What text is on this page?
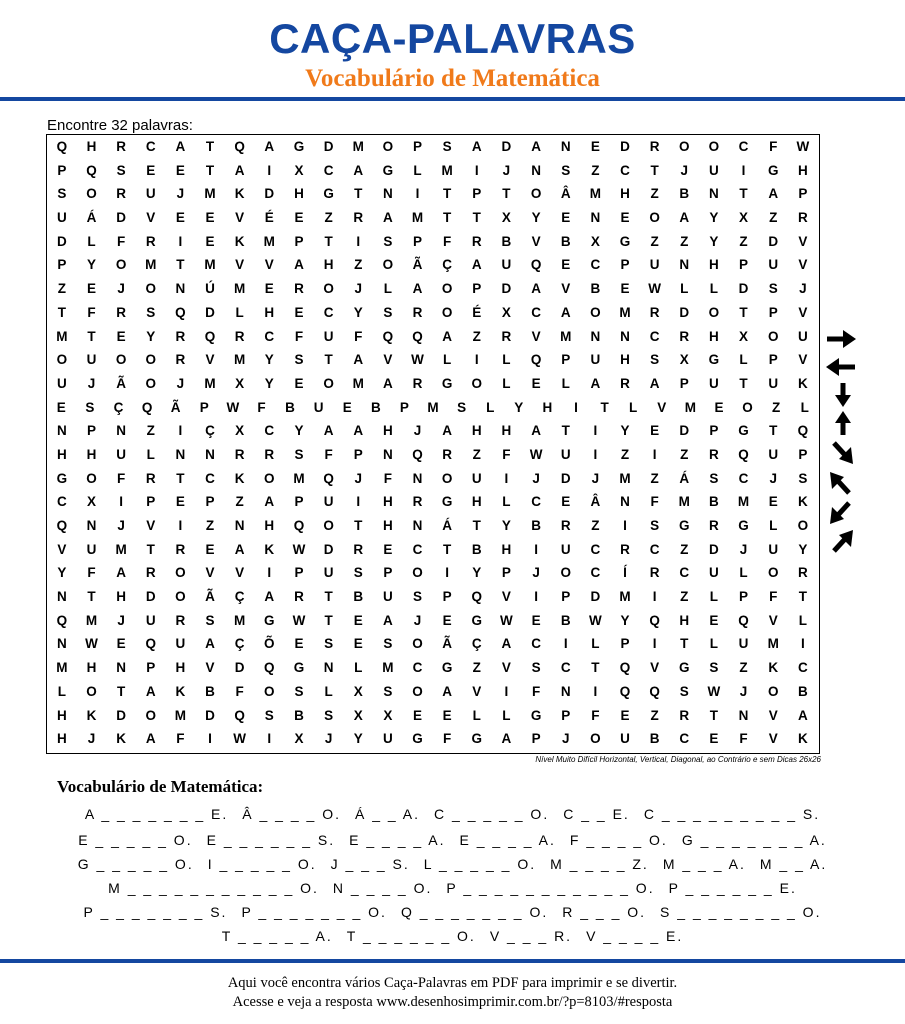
CAÇA-PALAVRAS
Vocabulário de Matemática
Encontre 32 palavras:
Q	H	R	C	A	T	Q	A	G	D	M	O	P	S	A	D	A	N	E	D	R	O	O	C	F	W
P	Q	S	E	E	T	A	I	X	C	A	G	L	M	I	J	N	S	Z	C	T	J	U	I	G	H
S	O	R	U	J	M	K	D	H	G	T	N	I	T	P	T	O	Â	M	H	Z	B	N	T	A	P
U	Á	D	V	E	E	V	É	E	Z	R	A	M	T	T	X	Y	E	N	E	O	A	Y	X	Z	R
D	L	F	R	I	E	K	M	P	T	I	S	P	F	R	B	V	B	X	G	Z	Z	Y	Z	D	V
P	Y	O	M	T	M	V	V	A	H	Z	O	Ã	Ç	A	U	Q	E	C	P	U	N	H	P	U	V
Z	E	J	O	N	Ú	M	E	R	O	J	L	A	O	P	D	A	V	B	E	W	L	L	D	S	J
T	F	R	S	Q	D	L	H	E	C	Y	S	R	O	É	X	C	A	O	M	R	D	O	T	P	V
M	T	E	Y	R	Q	R	C	F	U	F	Q	Q	A	Z	R	V	M	N	N	C	R	H	X	O	U
O	U	O	O	R	V	M	Y	S	T	A	V	W	L	I	L	Q	P	U	H	S	X	G	L	P	V
U	J	Ã	O	J	M	X	Y	E	O	M	A	R	G	O	L	E	L	A	R	A	P	U	T	U	K
E	S	Ç	Q	Ã	P	W	F	B	U	E	B	P	M	S	L	Y	H	I	T	L	V	M	E	O	Z	L
N	P	N	Z	I	Ç	X	C	Y	A	A	H	J	A	H	H	A	T	I	Y	E	D	P	G	T	Q
H	H	U	L	N	N	R	R	S	F	P	N	Q	R	Z	F	W	U	I	Z	I	Z	R	Q	U	P
G	O	F	R	T	C	K	O	M	Q	J	F	N	O	U	I	J	D	J	M	Z	Á	S	C	J	S
C	X	I	P	E	P	Z	A	P	U	I	H	R	G	H	L	C	E	Â	N	F	M	B	M	E	K
Q	N	J	V	I	Z	N	H	Q	O	T	H	N	Á	T	Y	B	R	Z	I	S	G	R	G	L	O
V	U	M	T	R	E	A	K	W	D	R	E	C	T	B	H	I	U	C	R	C	Z	D	J	U	Y
Y	F	A	R	O	V	V	I	P	U	S	P	O	I	Y	P	J	O	C	Í	R	C	U	L	O	R
N	T	H	D	O	Ã	Ç	A	R	T	B	U	S	P	Q	V	I	P	D	M	I	Z	L	P	F	T
Q	M	J	U	R	S	M	G	W	T	E	A	J	E	G	W	E	B	W	Y	Q	H	E	Q	V	L
N	W	E	Q	U	A	Ç	Õ	E	S	E	S	O	Ã	Ç	A	C	I	L	P	I	T	L	U	M	I
M	H	N	P	H	V	D	Q	G	N	L	M	C	G	Z	V	S	C	T	Q	V	G	S	Z	K	C
L	O	T	A	K	B	F	O	S	L	X	S	O	A	V	I	F	N	I	Q	Q	S	W	J	O	B
H	K	D	O	M	D	Q	S	B	S	X	X	E	E	L	L	G	P	F	E	Z	R	T	N	V	A
H	J	K	A	F	I	W	I	X	J	Y	U	G	F	G	A	P	J	O	U	B	C	E	F	V	K
Nível Muito Difícil Horizontal, Vertical, Diagonal, ao Contrário e sem Dicas 26x26
Vocabulário de Matemática:
A _ _ _ _ _ _ _ E. Â _ _ _ _ O. Á _ _ A. C _ _ _ _ _ O. C _ _ E. C _ _ _ _ _ _ _ _ _ S.
E _ _ _ _ _ O. E _ _ _ _ _ _ S. E _ _ _ _ A. E _ _ _ _ A. F _ _ _ _ O. G _ _ _ _ _ _ _ A.
G _ _ _ _ _ O. I _ _ _ _ _ O. J _ _ _ S. L _ _ _ _ _ O. M _ _ _ _ Z. M _ _ _ A. M _ _ A.
M _ _ _ _ _ _ _ _ _ _ _ O. N _ _ _ _ O. P _ _ _ _ _ _ _ _ _ _ _ O. P _ _ _ _ _ _ E.
P _ _ _ _ _ _ _ S. P _ _ _ _ _ _ _ O. Q _ _ _ _ _ _ _ O. R _ _ _ O. S _ _ _ _ _ _ _ _ O.
T _ _ _ _ _ A. T _ _ _ _ _ _ O. V _ _ _ R. V _ _ _ _ E.
Aqui você encontra vários Caça-Palavras em PDF para imprimir e se divertir.
Acesse e veja a resposta www.desenhosimprimir.com.br/?p=8103/#resposta
